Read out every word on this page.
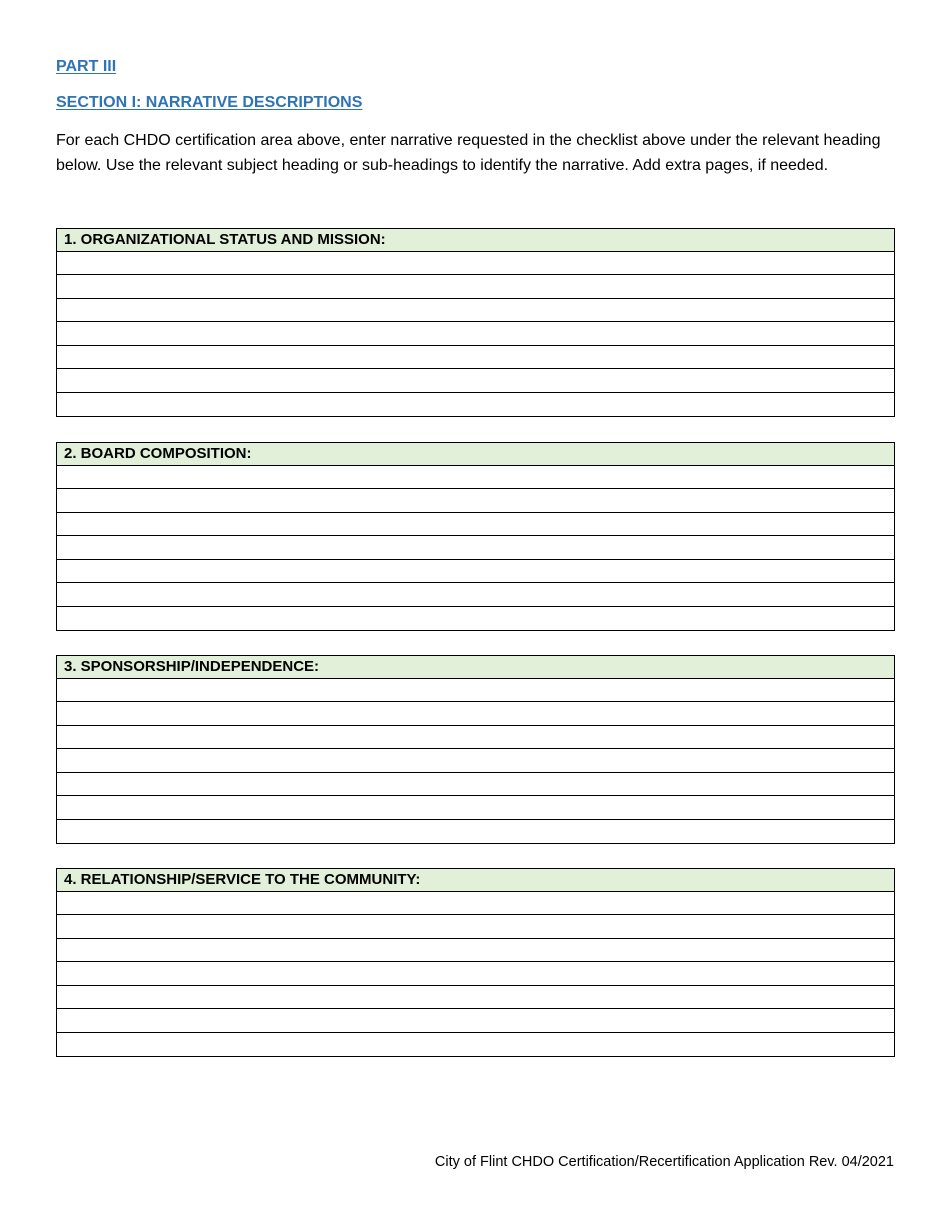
PART III
SECTION I: NARRATIVE DESCRIPTIONS

For each CHDO certification area above, enter narrative requested in the checklist above under the relevant heading below. Use the relevant subject heading or sub-headings to identify the narrative. Add extra pages, if needed.

1. ORGANIZATIONAL STATUS AND MISSION:
2. BOARD COMPOSITION:
3. SPONSORSHIP/INDEPENDENCE:
4. RELATIONSHIP/SERVICE TO THE COMMUNITY:
City of Flint CHDO Certification/Recertification Application Rev. 04/2021
